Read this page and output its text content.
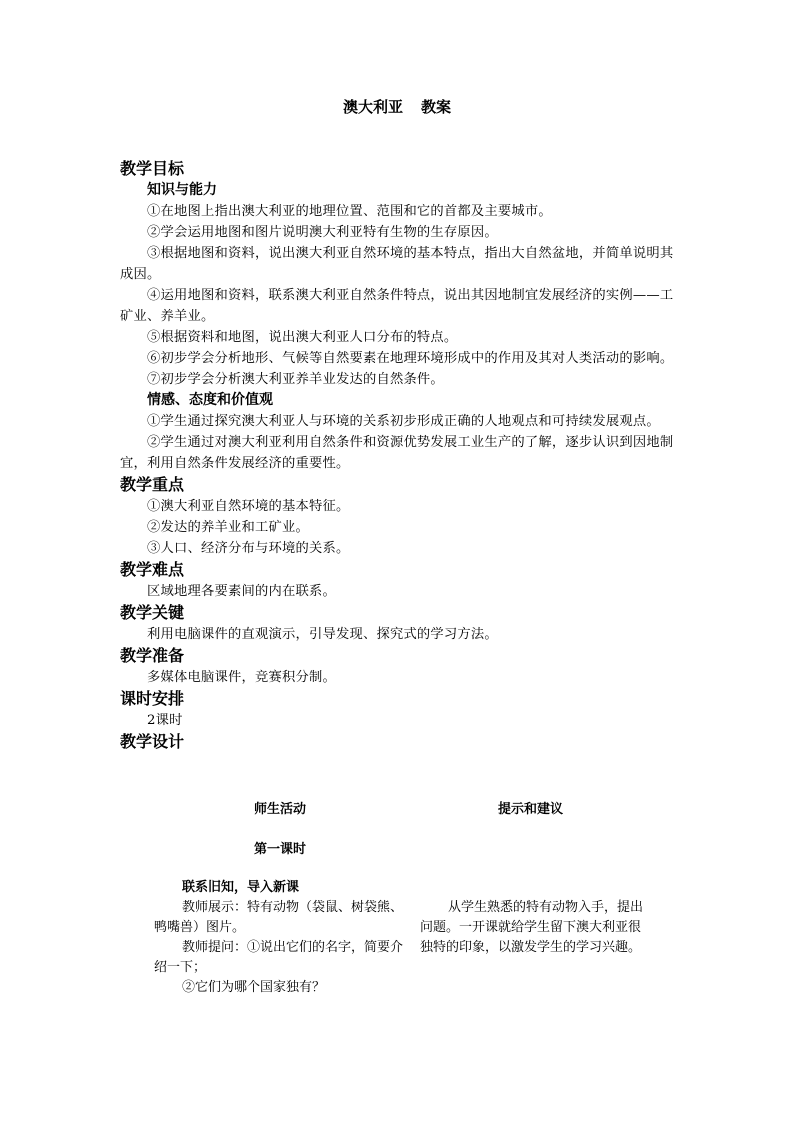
澳大利亚 教案
教学目标
知识与能力
①在地图上指出澳大利亚的地理位置、范围和它的首都及主要城市。
②学会运用地图和图片说明澳大利亚特有生物的生存原因。
③根据地图和资料，说出澳大利亚自然环境的基本特点，指出大自然盆地，并简单说明其成因。
④运用地图和资料，联系澳大利亚自然条件特点，说出其因地制宜发展经济的实例——工矿业、养羊业。
⑤根据资料和地图，说出澳大利亚人口分布的特点。
⑥初步学会分析地形、气候等自然要素在地理环境形成中的作用及其对人类活动的影响。
⑦初步学会分析澳大利亚养羊业发达的自然条件。
情感、态度和价值观
①学生通过探究澳大利亚人与环境的关系初步形成正确的人地观点和可持续发展观点。
②学生通过对澳大利亚利用自然条件和资源优势发展工业生产的了解，逐步认识到因地制宜，利用自然条件发展经济的重要性。
教学重点
①澳大利亚自然环境的基本特征。
②发达的养羊业和工矿业。
③人口、经济分布与环境的关系。
教学难点
区域地理各要素间的内在联系。
教学关键
利用电脑课件的直观演示，引导发现、探究式的学习方法。
教学准备
多媒体电脑课件，竞赛积分制。
课时安排
2课时
教学设计
师生活动	提示和建议
第一课时
联系旧知，导入新课
教师展示：特有动物（袋鼠、树袋熊、鸭嘴兽）图片。
教师提问：①说出它们的名字，简要介绍一下；
②它们为哪个国家独有？
从学生熟悉的特有动物入手，提出问题。一开课就给学生留下澳大利亚很独特的印象，以激发学生的学习兴趣。
